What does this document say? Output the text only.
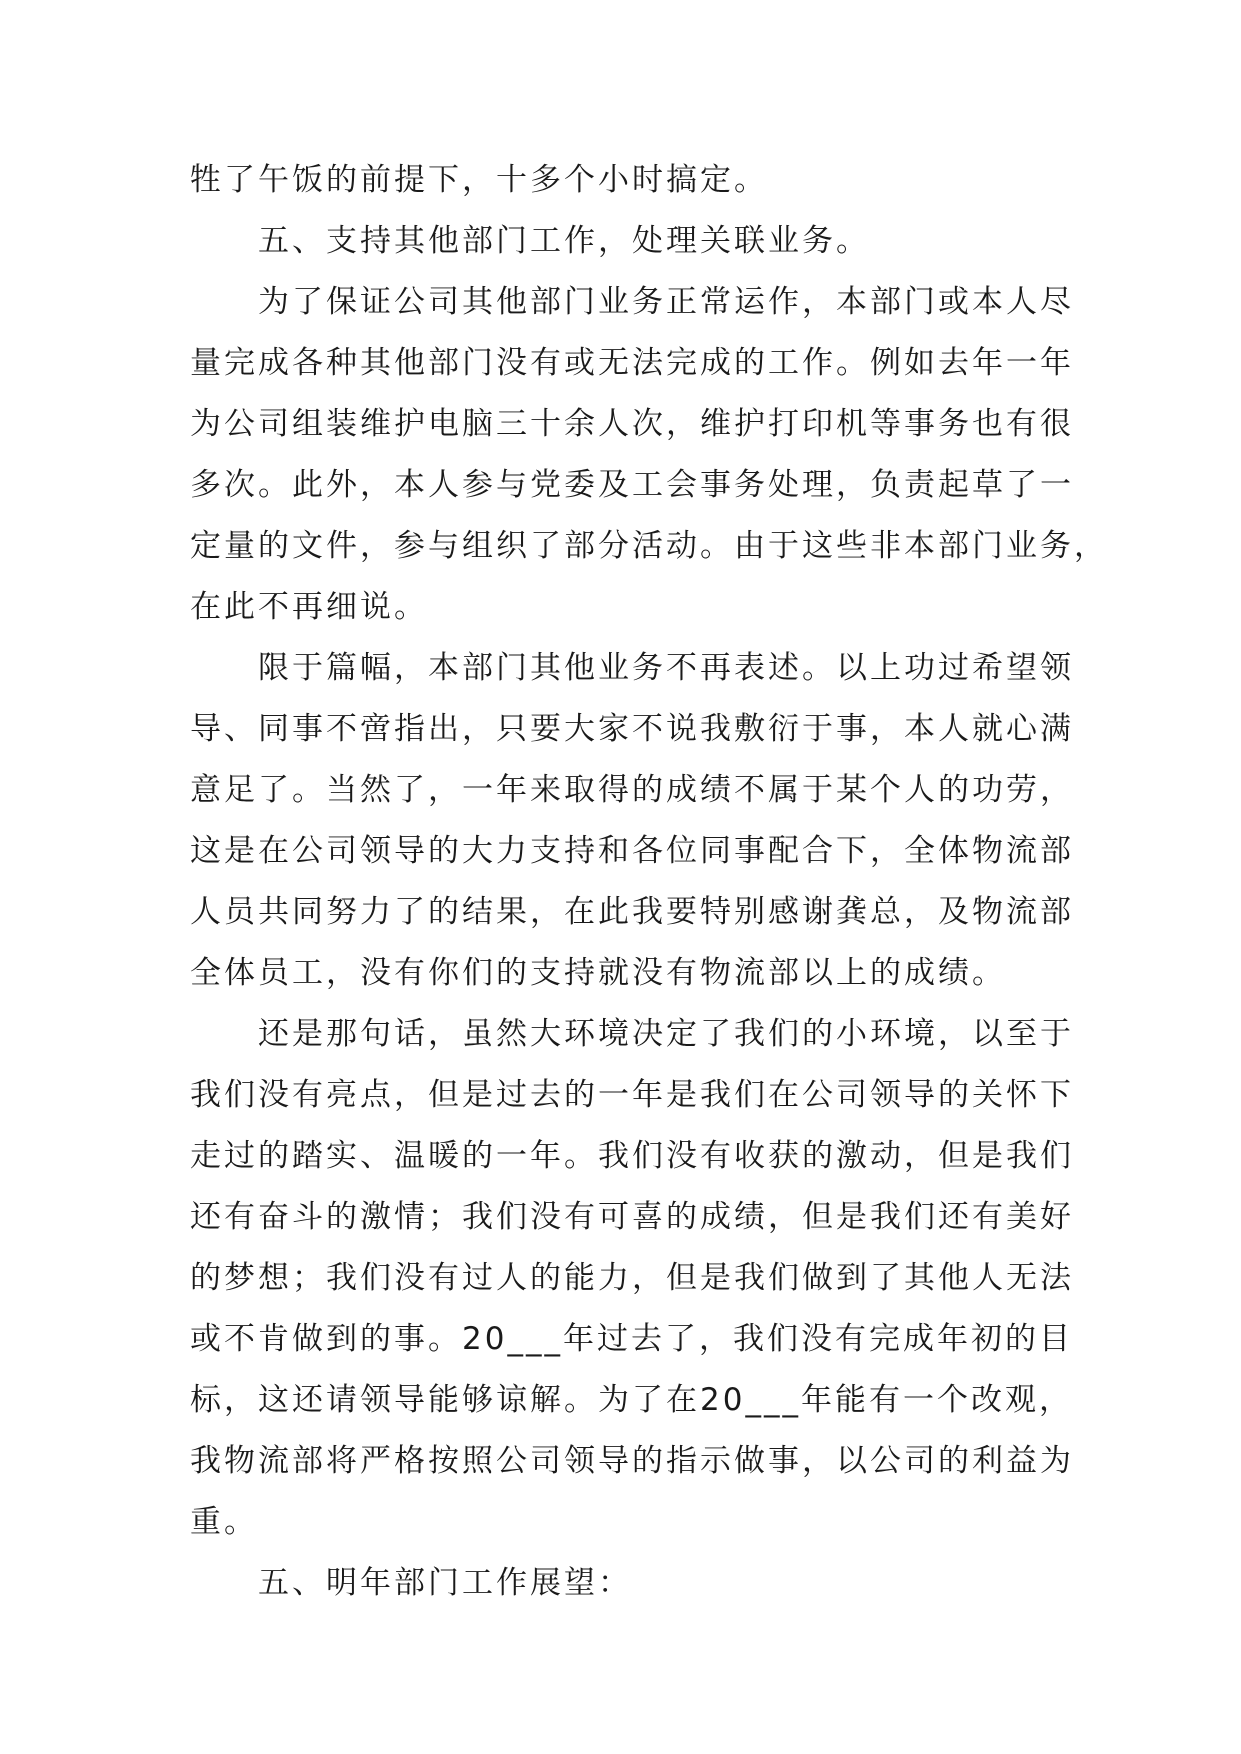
牲了午饭的前提下，十多个小时搞定。
五、支持其他部门工作，处理关联业务。
为了保证公司其他部门业务正常运作，本部门或本人尽
量完成各种其他部门没有或无法完成的工作。例如去年一年
为公司组装维护电脑三十余人次，维护打印机等事务也有很
多次。此外，本人参与党委及工会事务处理，负责起草了一
定量的文件，参与组织了部分活动。由于这些非本部门业务，
在此不再细说。
限于篇幅，本部门其他业务不再表述。以上功过希望领
导、同事不啻指出，只要大家不说我敷衍于事，本人就心满
意足了。当然了，一年来取得的成绩不属于某个人的功劳，
这是在公司领导的大力支持和各位同事配合下，全体物流部
人员共同努力了的结果，在此我要特别感谢龚总，及物流部
全体员工，没有你们的支持就没有物流部以上的成绩。
还是那句话，虽然大环境决定了我们的小环境，以至于
我们没有亮点，但是过去的一年是我们在公司领导的关怀下
走过的踏实、温暖的一年。我们没有收获的激动，但是我们
还有奋斗的激情；我们没有可喜的成绩，但是我们还有美好
的梦想；我们没有过人的能力，但是我们做到了其他人无法
或不肯做到的事。20___年过去了，我们没有完成年初的目
标，这还请领导能够谅解。为了在20___年能有一个改观，
我物流部将严格按照公司领导的指示做事，以公司的利益为
重。
五、明年部门工作展望：
